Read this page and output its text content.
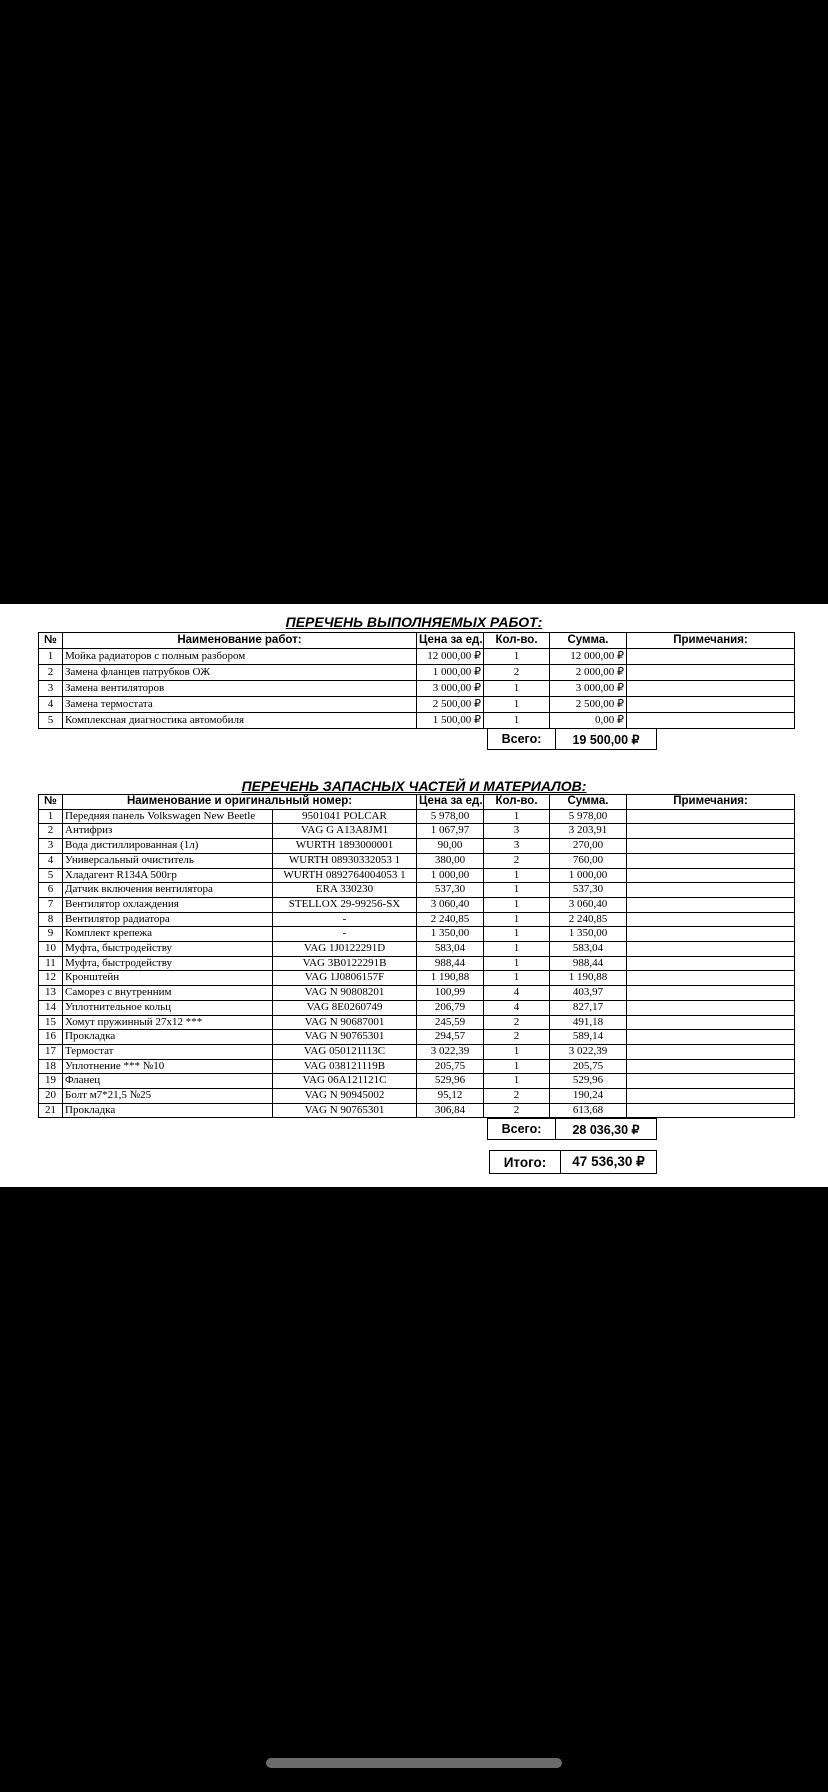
ПЕРЕЧЕНЬ ВЫПОЛНЯЕМЫХ РАБОТ:
№	Наименование работ:	Цена за ед.	Кол-во.	Сумма.	Примечания:
1	Мойка радиаторов с полным разбором	12 000,00 ₽	1	12 000,00 ₽	
2	Замена фланцев патрубков ОЖ	1 000,00 ₽	2	2 000,00 ₽	
3	Замена вентиляторов	3 000,00 ₽	1	3 000,00 ₽	
4	Замена термостата	2 500,00 ₽	1	2 500,00 ₽	
5	Комплексная диагностика автомобиля	1 500,00 ₽	1	0,00 ₽	
Всего:	19 500,00 ₽
ПЕРЕЧЕНЬ ЗАПАСНЫХ ЧАСТЕЙ И МАТЕРИАЛОВ:
№	Наименование и оригинальный номер:		Цена за ед.	Кол-во.	Сумма.	Примечания:
1	Передняя панель Volkswagen New Beetle	9501041 POLCAR	5 978,00	1	5 978,00	
2	Антифриз	VAG G A13A8JM1	1 067,97	3	3 203,91	
3	Вода дистиллированная (1л)	WURTH 1893000001	90,00	3	270,00	
4	Универсальный очиститель	WURTH 08930332053 1	380,00	2	760,00	
5	Хладагент R134A 500гр	WURTH 0892764004053 1	1 000,00	1	1 000,00	
6	Датчик включения вентилятора	ERA 330230	537,30	1	537,30	
7	Вентилятор охлаждения	STELLOX 29-99256-SX	3 060,40	1	3 060,40	
8	Вентилятор радиатора	-	2 240,85	1	2 240,85	
9	Комплект крепежа	-	1 350,00	1	1 350,00	
10	Муфта, быстродейству	VAG 1J0122291D	583,04	1	583,04	
11	Муфта, быстродейству	VAG 3B0122291B	988,44	1	988,44	
12	Кронштейн	VAG 1J0806157F	1 190,88	1	1 190,88	
13	Саморез с внутренним	VAG N 90808201	100,99	4	403,97	
14	Уплотнительное кольц	VAG 8E0260749	206,79	4	827,17	
15	Хомут пружинный 27x12 ***	VAG N 90687001	245,59	2	491,18	
16	Прокладка	VAG N 90765301	294,57	2	589,14	
17	Термостат	VAG 050121113C	3 022,39	1	3 022,39	
18	Уплотнение *** №10	VAG 038121119B	205,75	1	205,75	
19	Фланец	VAG 06A121121C	529,96	1	529,96	
20	Болт м7*21,5 №25	VAG N 90945002	95,12	2	190,24	
21	Прокладка	VAG N 90765301	306,84	2	613,68	
Всего:	28 036,30 ₽
Итого:	47 536,30 ₽
